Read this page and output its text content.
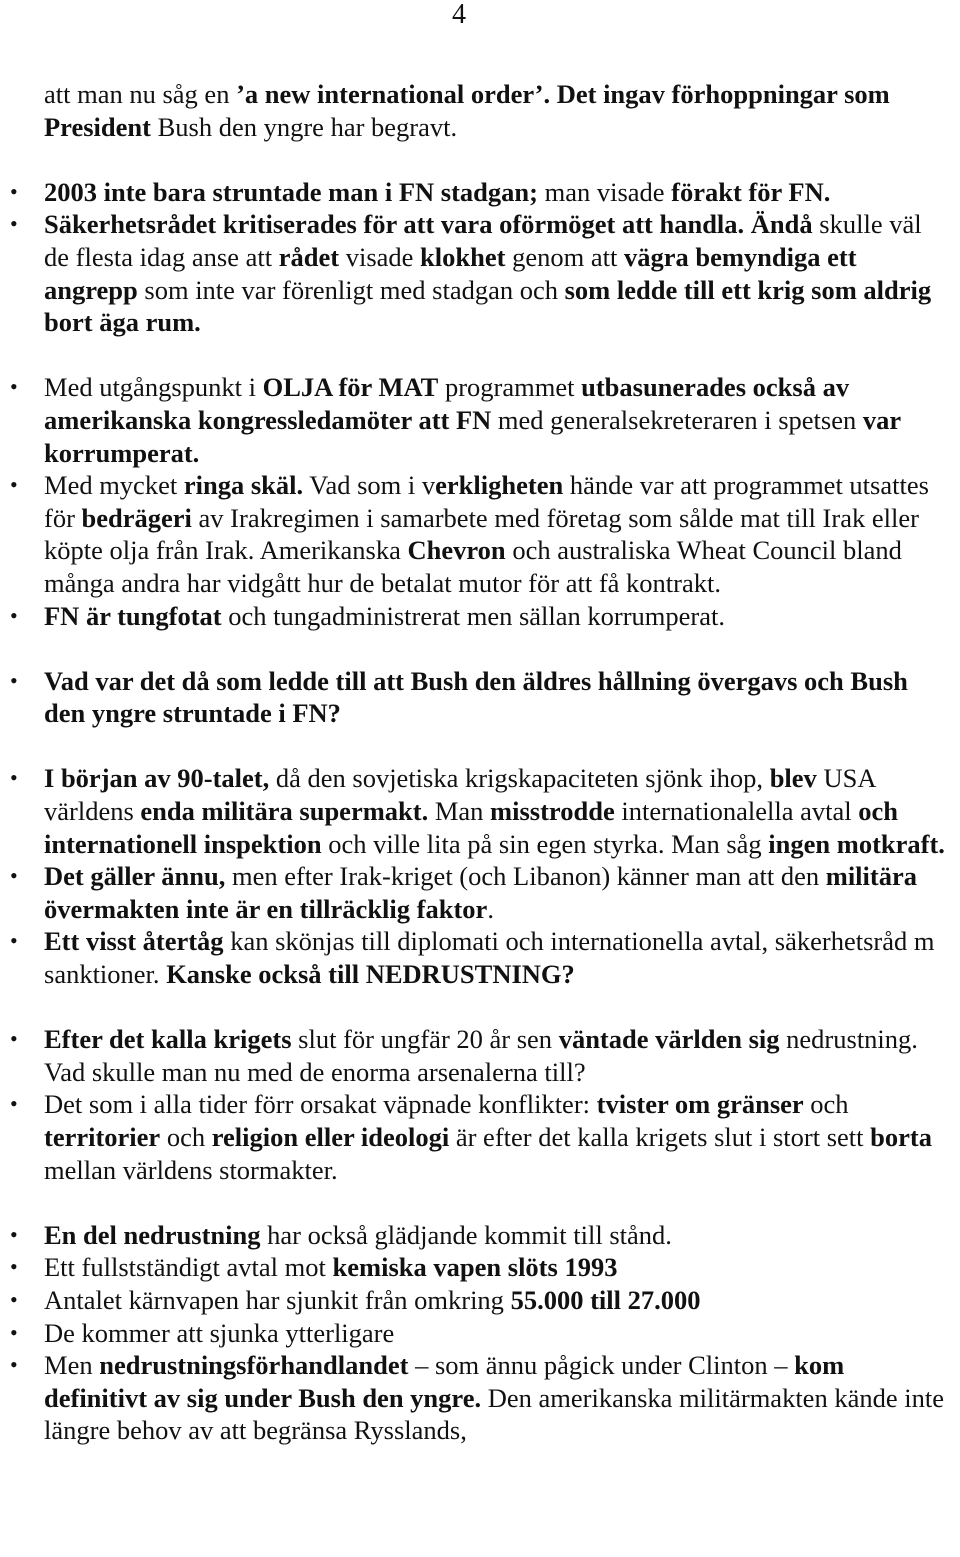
4
att man nu såg en ’a new international order’. Det ingav förhoppningar som President Bush den yngre har begravt.
• 2003 inte bara struntade man i FN stadgan; man visade förakt för FN.
• Säkerhetsrådet kritiserades för att vara oförmöget att handla. Ändå skulle väl de flesta idag anse att rådet visade klokhet genom att vägra bemyndiga ett angrepp som inte var förenligt med stadgan och som ledde till ett krig som aldrig bort äga rum.
• Med utgångspunkt i OLJA för MAT programmet utbasunerades också av amerikanska kongressledamöter att FN med generalsekreteraren i spetsen var korrumperat.
• Med mycket ringa skäl. Vad som i verkligheten hände var att programmet utsattes för bedrägeri av Irakregimen i samarbete med företag som sålde mat till Irak eller köpte olja från Irak. Amerikanska Chevron och australiska Wheat Council bland många andra har vidgått hur de betalat mutor för att få kontrakt.
• FN är tungfotat och tungadministrerat men sällan korrumperat.
• Vad var det då som ledde till att Bush den äldres hållning övergavs och Bush den yngre struntade i FN?
• I början av 90-talet, då den sovjetiska krigskapaciteten sjönk ihop, blev USA världens enda militära supermakt. Man misstrodde internationalella avtal och internationell inspektion och ville lita på sin egen styrka. Man såg ingen motkraft.
• Det gäller ännu, men efter Irak-kriget (och Libanon) känner man att den militära övermakten inte är en tillräcklig faktor.
• Ett visst återtåg kan skönjas till diplomati och internationella avtal, säkerhetsråd m sanktioner. Kanske också till NEDRUSTNING?
• Efter det kalla krigets slut för ungfär 20 år sen väntade världen sig nedrustning. Vad skulle man nu med de enorma arsenalerna till?
• Det som i alla tider förr orsakat väpnade konflikter: tvister om gränser och territorier och religion eller ideologi är efter det kalla krigets slut i stort sett borta mellan världens stormakter.
• En del nedrustning har också glädjande kommit till stånd.
• Ett fullstständigt avtal mot kemiska vapen slöts 1993
• Antalet kärnvapen har sjunkit från omkring 55.000 till 27.000
• De kommer att sjunka ytterligare
• Men nedrustningsförhandlandet – som ännu pågick under Clinton – kom definitivt av sig under Bush den yngre. Den amerikanska militärmakten kände inte längre behov av att begränsa Rysslands,
